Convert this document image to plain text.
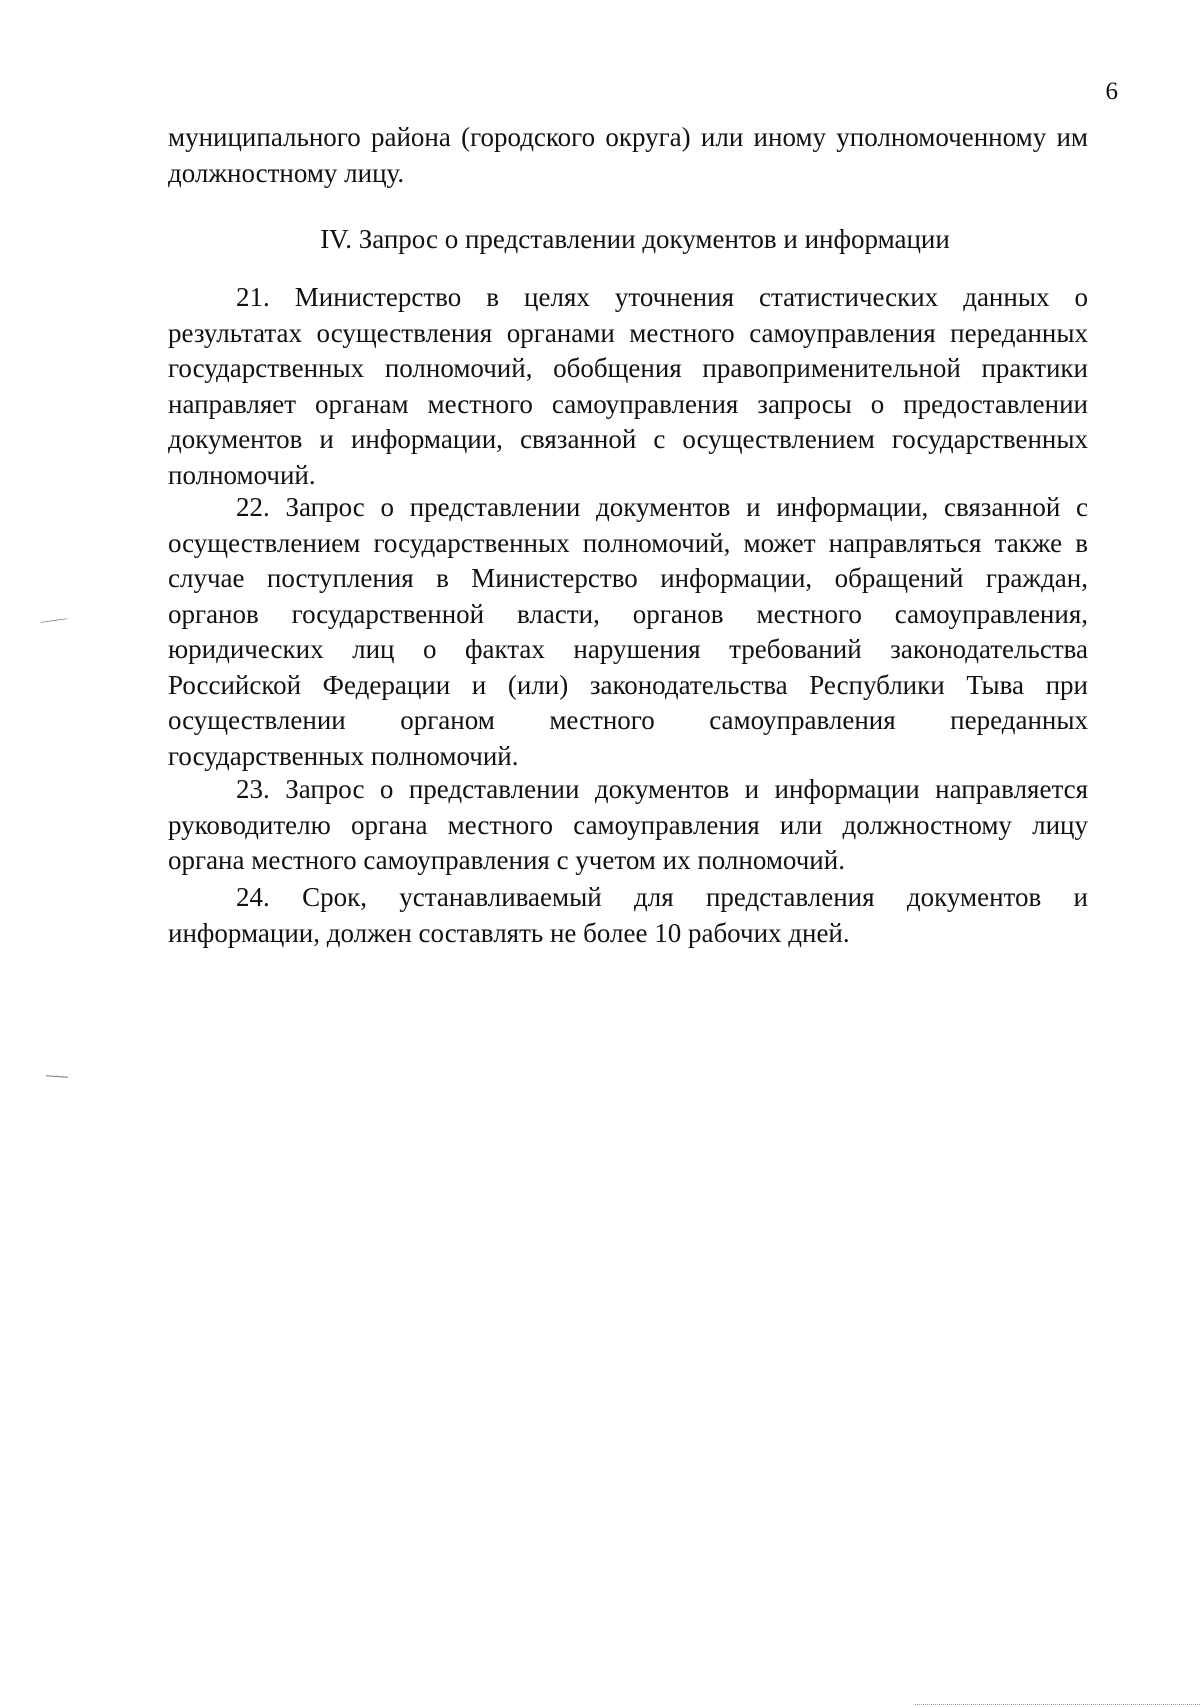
6

муниципального района (городского округа) или иному уполномоченному им должностному лицу.

IV. Запрос о представлении документов и информации

21. Министерство в целях уточнения статистических данных о результатах осуществления органами местного самоуправления переданных государственных полномочий, обобщения правоприменительной практики направляет органам местного самоуправления запросы о предоставлении документов и информации, связанной с осуществлением государственных полномочий.

22. Запрос о представлении документов и информации, связанной с осуществлением государственных полномочий, может направляться также в случае поступления в Министерство информации, обращений граждан, органов государственной власти, органов местного самоуправления, юридических лиц о фактах нарушения требований законодательства Российской Федерации и (или) законодательства Республики Тыва при осуществлении органом местного самоуправления переданных государственных полномочий.

23. Запрос о представлении документов и информации направляется руководителю органа местного самоуправления или должностному лицу органа местного самоуправления с учетом их полномочий.

24. Срок, устанавливаемый для представления документов и информации, должен составлять не более 10 рабочих дней.
